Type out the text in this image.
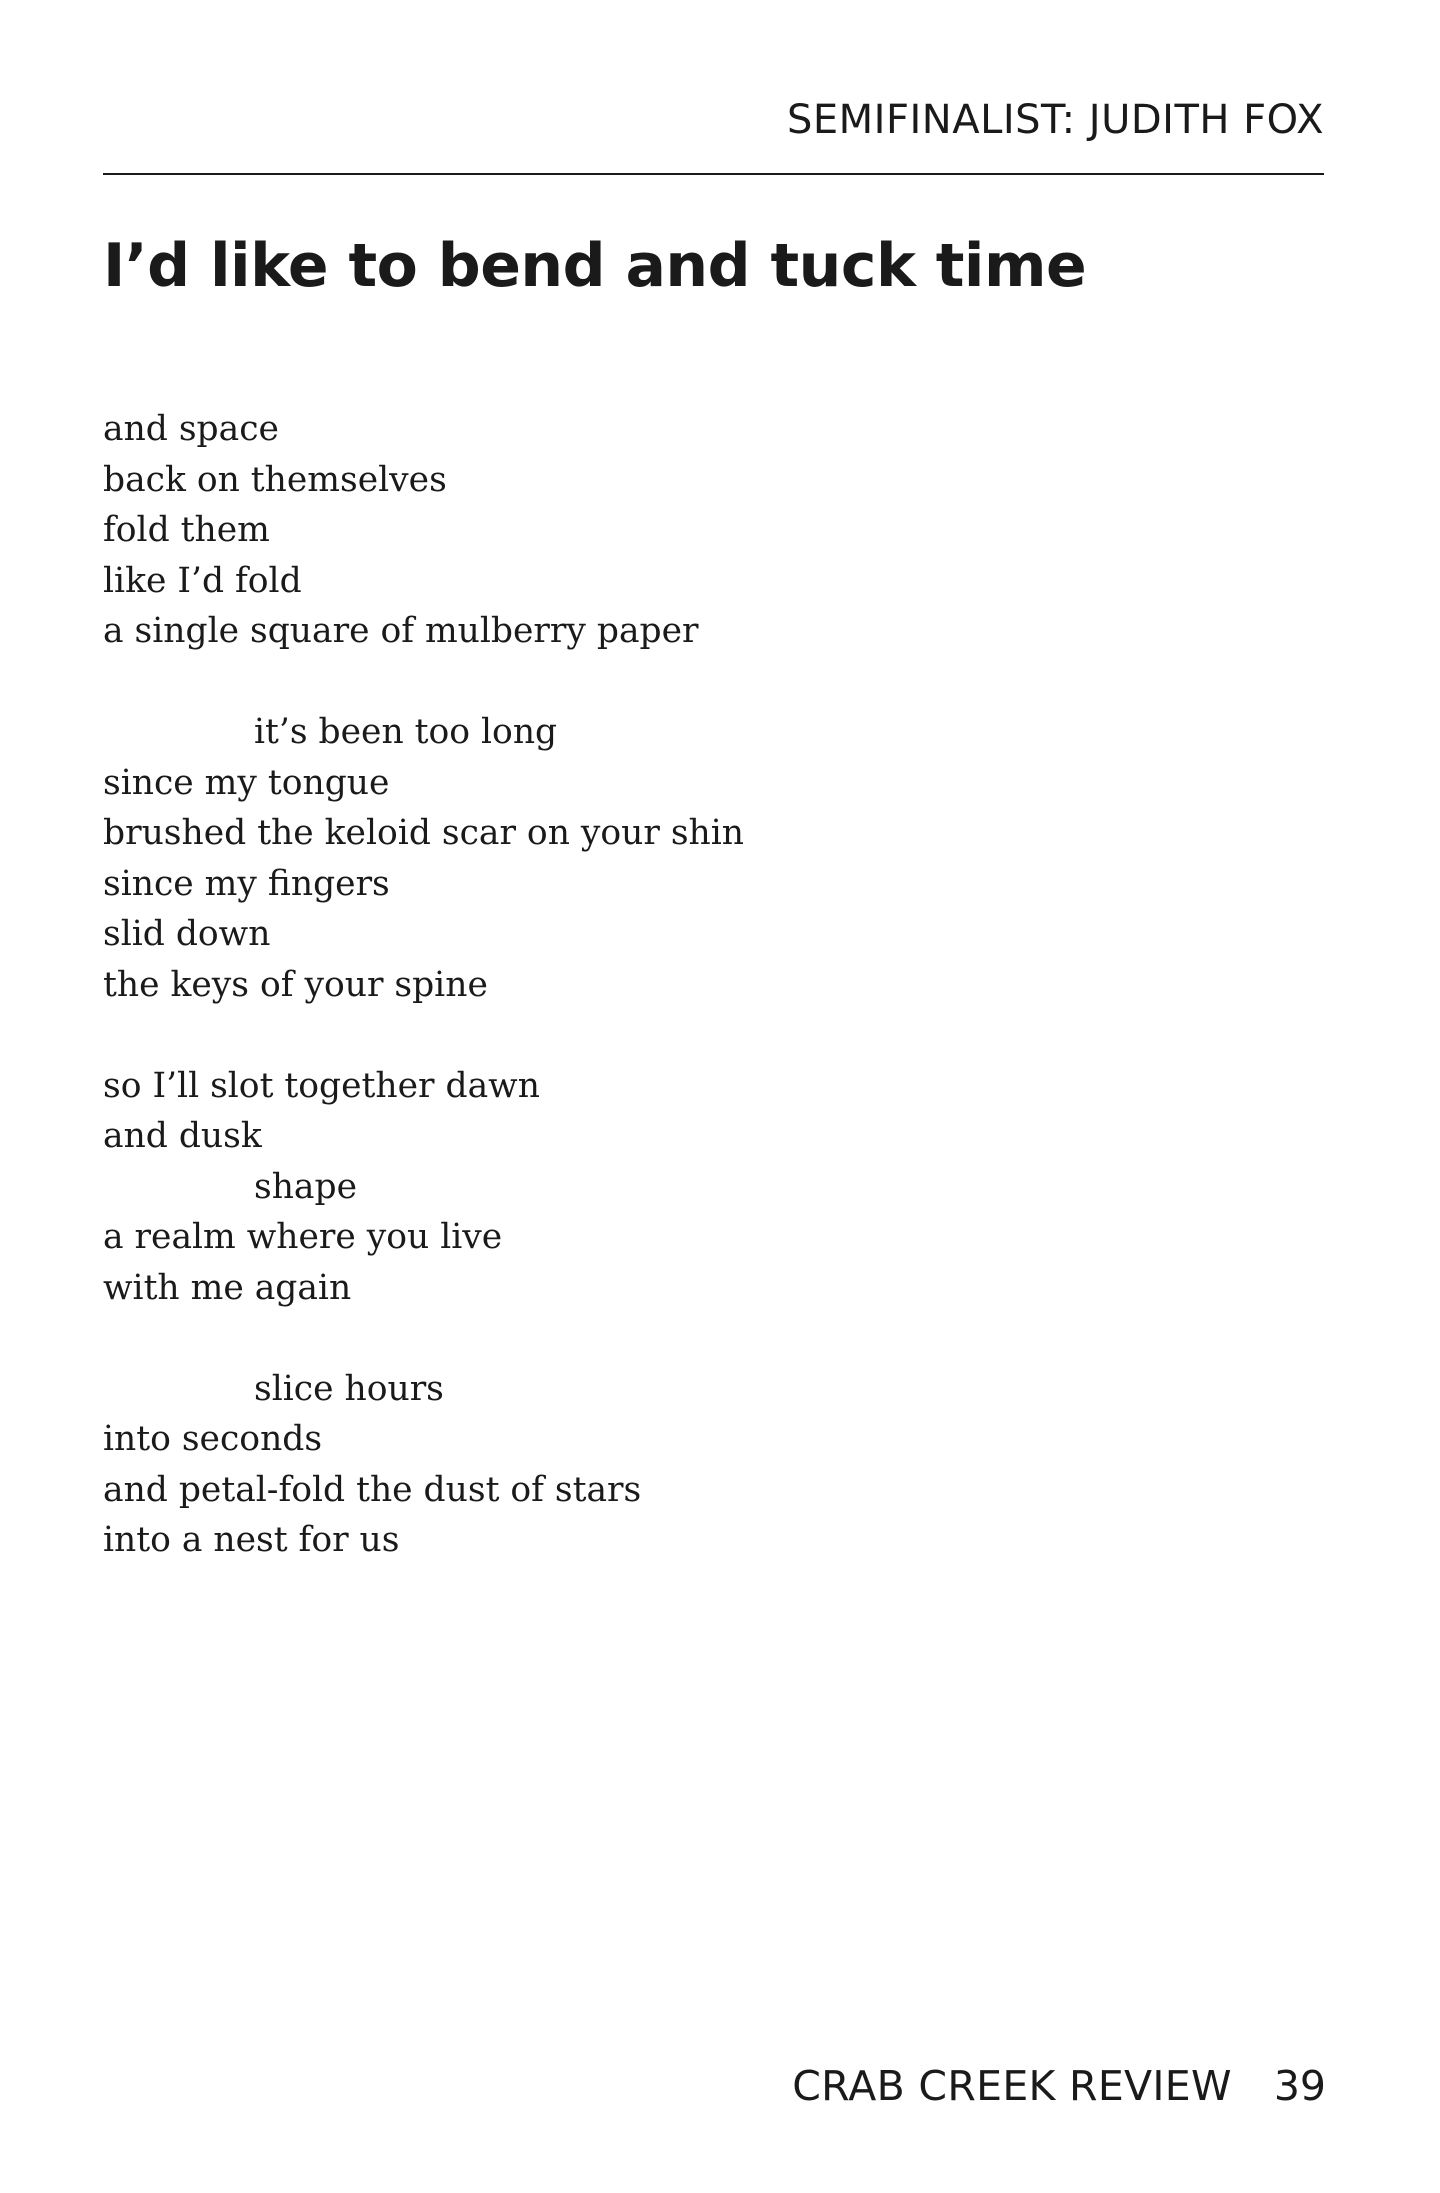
SEMIFINALIST: JUDITH FOX
I’d like to bend and tuck time
and space
back on themselves
fold them
like I’d fold
a single square of mulberry paper
it’s been too long
since my tongue
brushed the keloid scar on your shin
since my fingers
slid down
the keys of your spine
so I’ll slot together dawn
and dusk
shape
a realm where you live
with me again
slice hours
into seconds
and petal-fold the dust of stars
into a nest for us
CRAB CREEK REVIEW 39
